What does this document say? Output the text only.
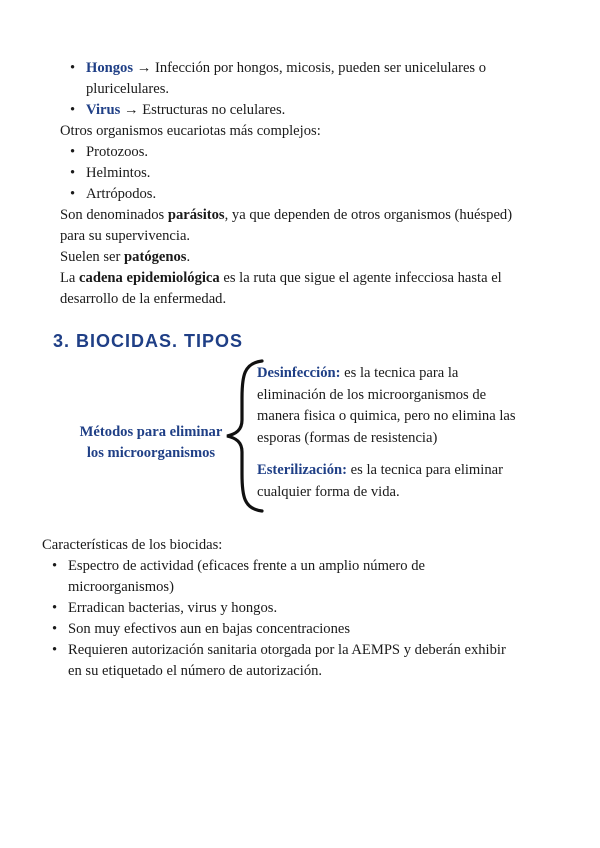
• Hongos → Infección por hongos, micosis, pueden ser unicelulares o
pluricelulares.
• Virus → Estructuras no celulares.
Otros organismos eucariotas más complejos:
• Protozoos.
• Helmintos.
• Artrópodos.
Son denominados parásitos, ya que dependen de otros organismos (huésped)
para su supervivencia.
Suelen ser patógenos.
La cadena epidemiológica es la ruta que sigue el agente infecciosa hasta el
desarrollo de la enfermedad.
3. BIOCIDAS. TIPOS
Métodos para eliminar
los microorganismos
Desinfección: es la tecnica para la
eliminación de los microorganismos de
manera fisica o quimica, pero no elimina las
esporas (formas de resistencia)
Esterilización: es la tecnica para eliminar
cualquier forma de vida.
Características de los biocidas:
• Espectro de actividad (eficaces frente a un amplio número de
microorganismos)
• Erradican bacterias, virus y hongos.
• Son muy efectivos aun en bajas concentraciones
• Requieren autorización sanitaria otorgada por la AEMPS y deberán exhibir
en su etiquetado el número de autorización.
